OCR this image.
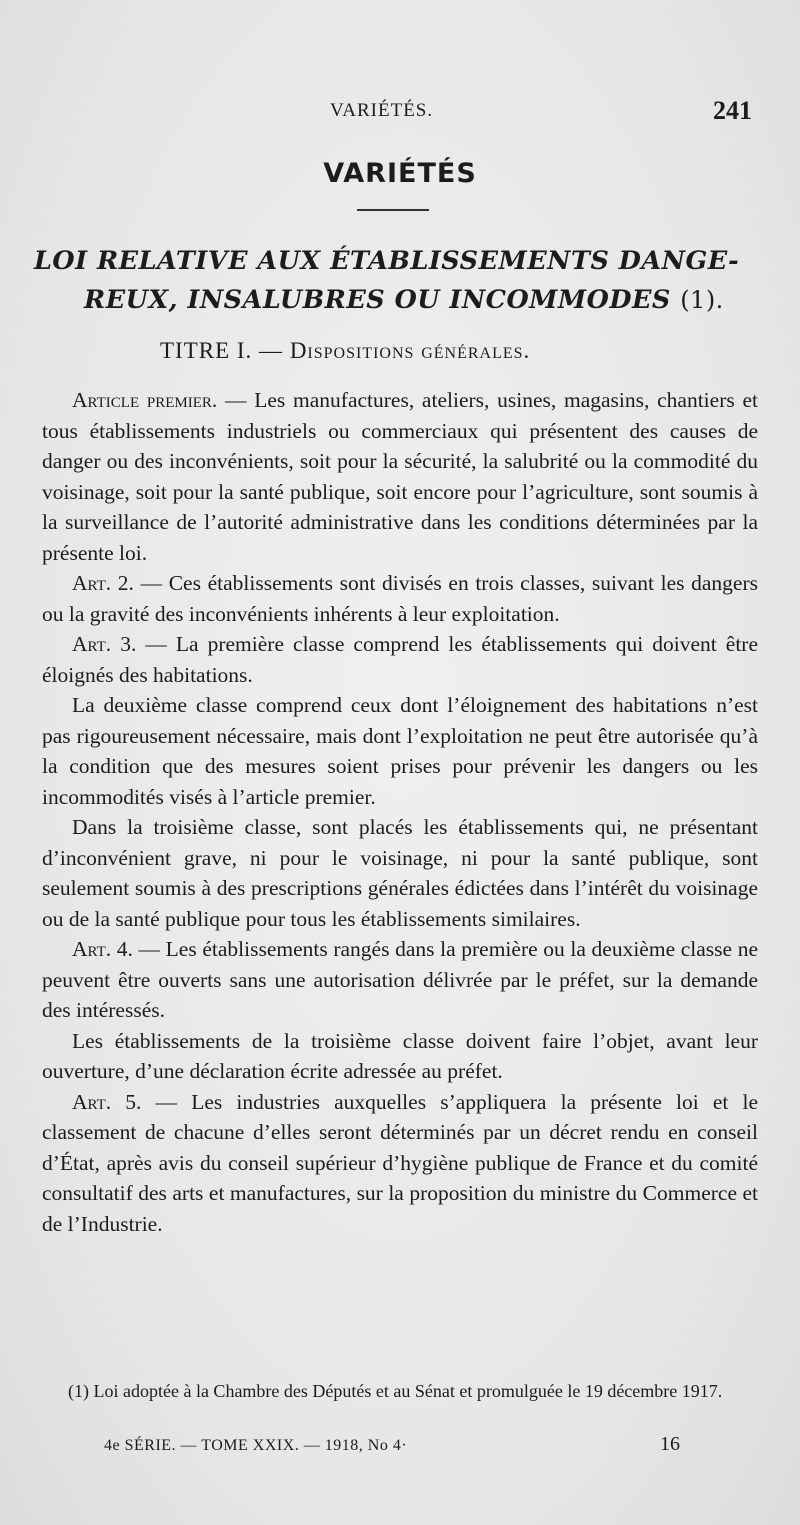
VARIÉTÉS.	241
VARIÉTÉS
LOI RELATIVE AUX ÉTABLISSEMENTS DANGE-
REUX, INSALUBRES OU INCOMMODES (1).
TITRE I. — Dispositions générales.

Article premier. — Les manufactures, ateliers, usines, magasins, chantiers et tous établissements industriels ou commerciaux qui présentent des causes de danger ou des inconvénients, soit pour la sécurité, la salubrité ou la commodité du voisinage, soit pour la santé publique, soit encore pour l’agriculture, sont soumis à la surveillance de l’autorité administrative dans les conditions déterminées par la présente loi.

Art. 2. — Ces établissements sont divisés en trois classes, suivant les dangers ou la gravité des inconvénients inhérents à leur exploitation.

Art. 3. — La première classe comprend les établissements qui doivent être éloignés des habitations.

La deuxième classe comprend ceux dont l’éloignement des habitations n’est pas rigoureusement nécessaire, mais dont l’exploitation ne peut être autorisée qu’à la condition que des mesures soient prises pour prévenir les dangers ou les incommodités visés à l’article premier.

Dans la troisième classe, sont placés les établissements qui, ne présentant d’inconvénient grave, ni pour le voisinage, ni pour la santé publique, sont seulement soumis à des prescriptions générales édictées dans l’intérêt du voisinage ou de la santé publique pour tous les établissements similaires.

Art. 4. — Les établissements rangés dans la première ou la deuxième classe ne peuvent être ouverts sans une autorisation délivrée par le préfet, sur la demande des intéressés.

Les établissements de la troisième classe doivent faire l’objet, avant leur ouverture, d’une déclaration écrite adressée au préfet.

Art. 5. — Les industries auxquelles s’appliquera la présente loi et le classement de chacune d’elles seront déterminés par un décret rendu en conseil d’État, après avis du conseil supérieur d’hygiène publique de France et du comité consultatif des arts et manufactures, sur la proposition du ministre du Commerce et de l’Industrie.

(1) Loi adoptée à la Chambre des Députés et au Sénat et promulguée le 19 décembre 1917.
4e SÉRIE. — TOME XXIX. — 1918, No 4·	16
